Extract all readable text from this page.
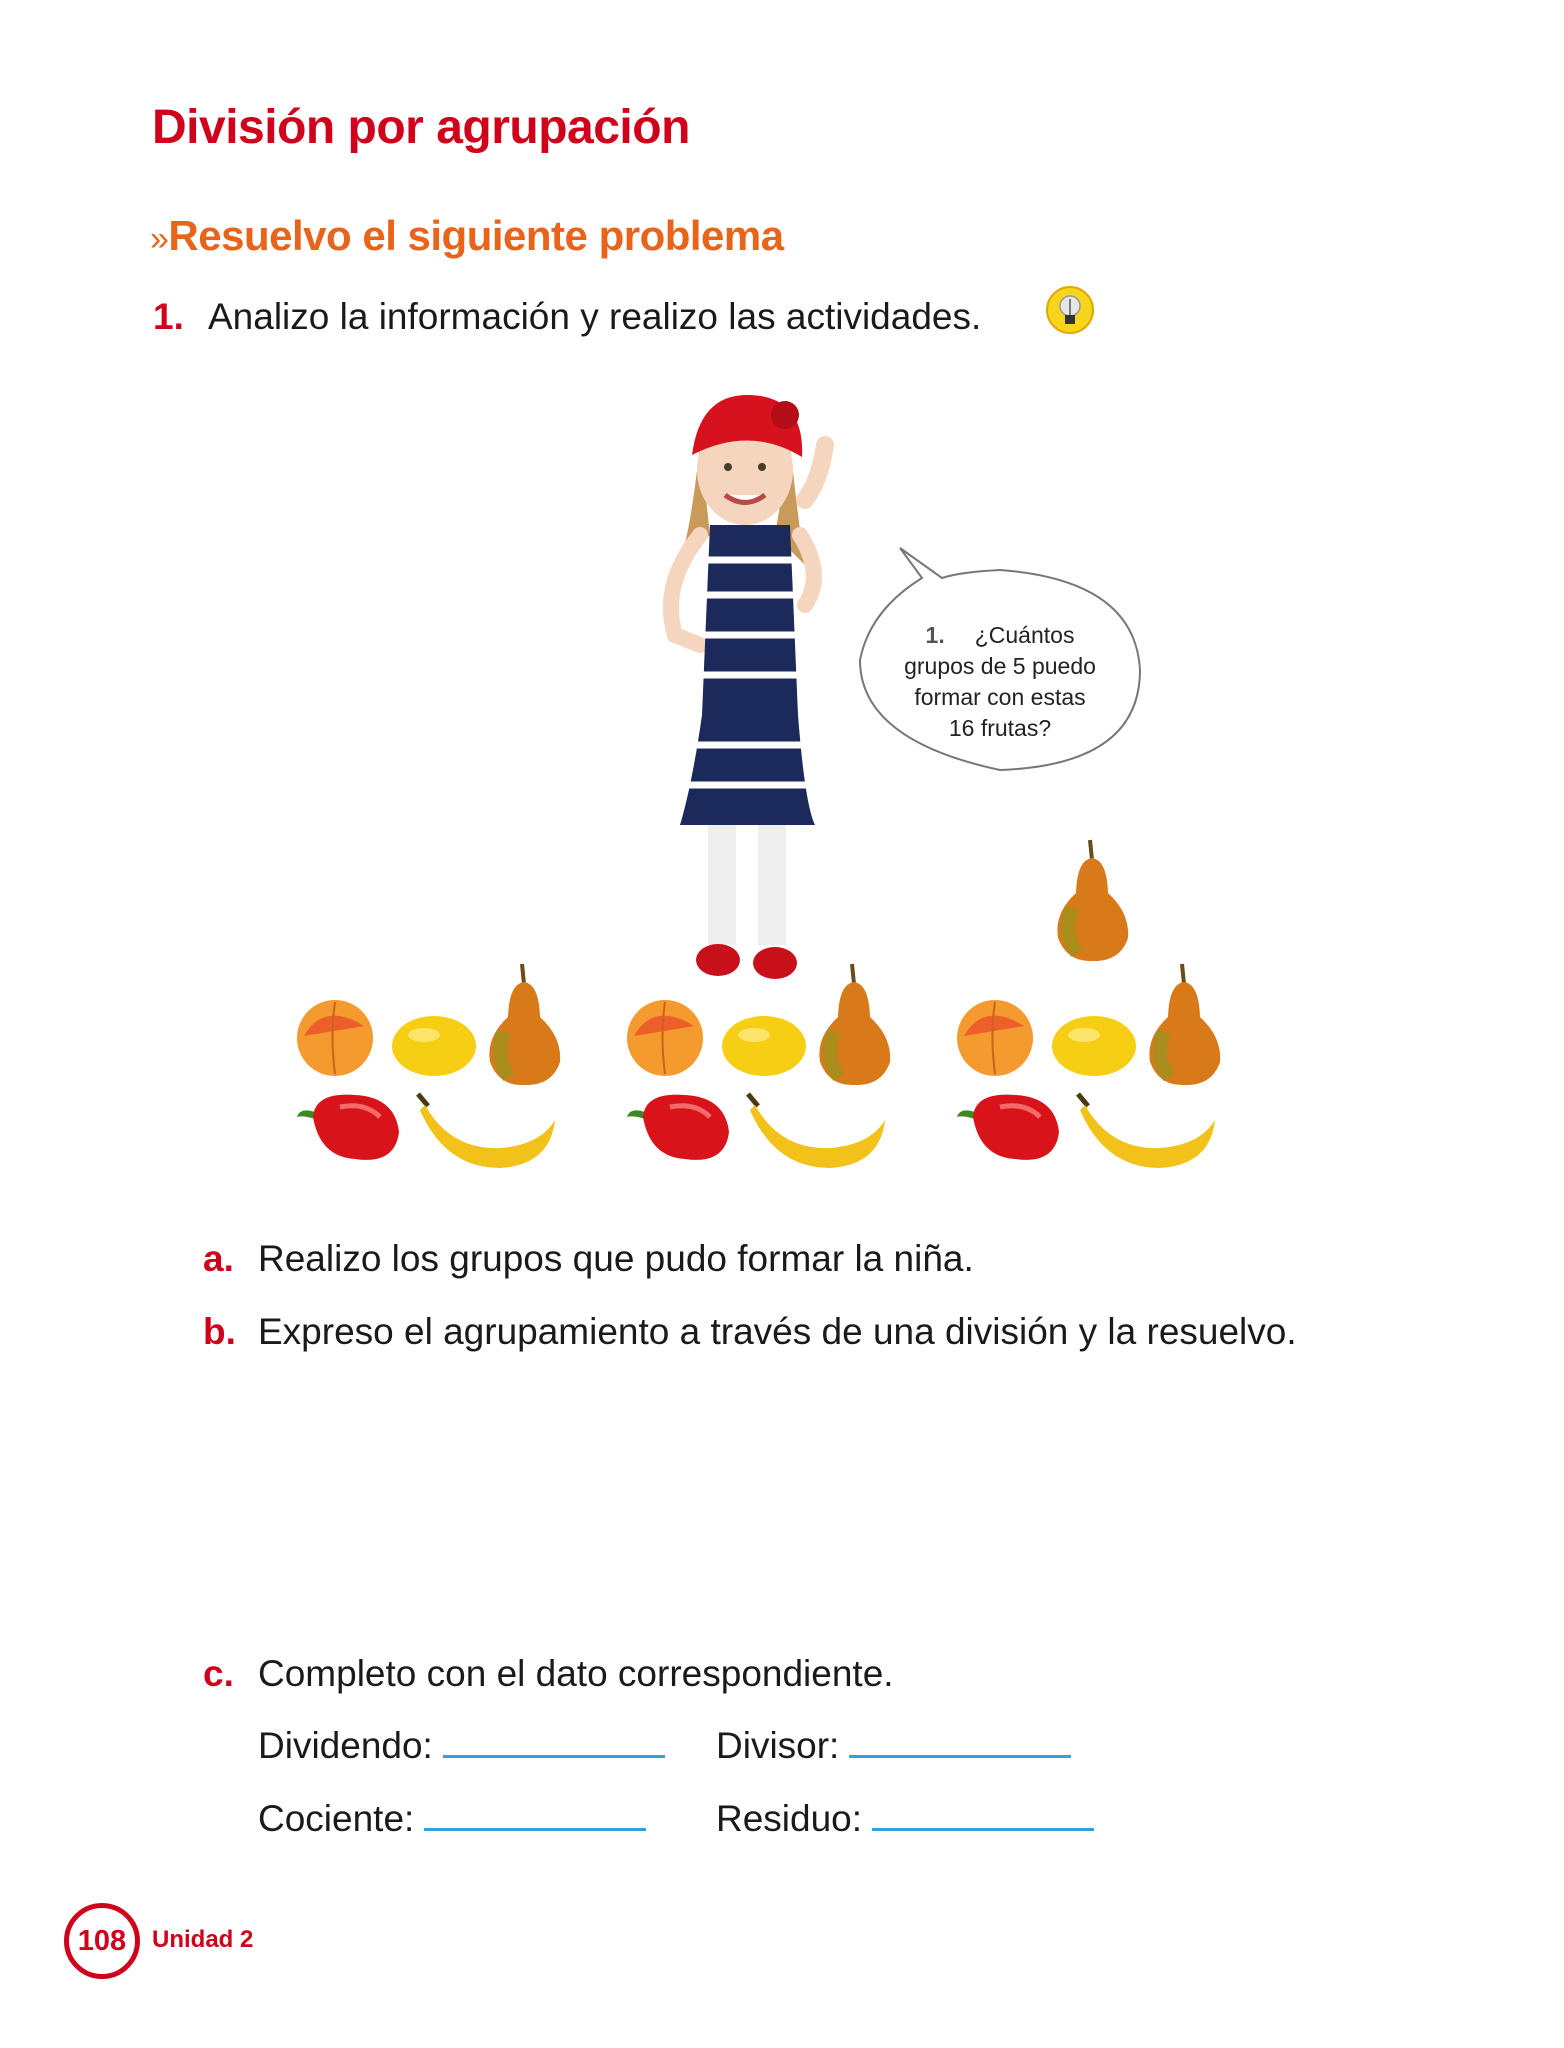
División por agrupación
»Resuelvo el siguiente problema
1. Analizo la información y realizo las actividades.
1. ¿Cuántos
grupos de 5 puedo
formar con estas
16 frutas?
a. Realizo los grupos que pudo formar la niña.
b. Expreso el agrupamiento a través de una división y la resuelvo.
c. Completo con el dato correspondiente.
Dividendo:	Divisor:
Cociente:	Residuo:
108	Unidad 2
